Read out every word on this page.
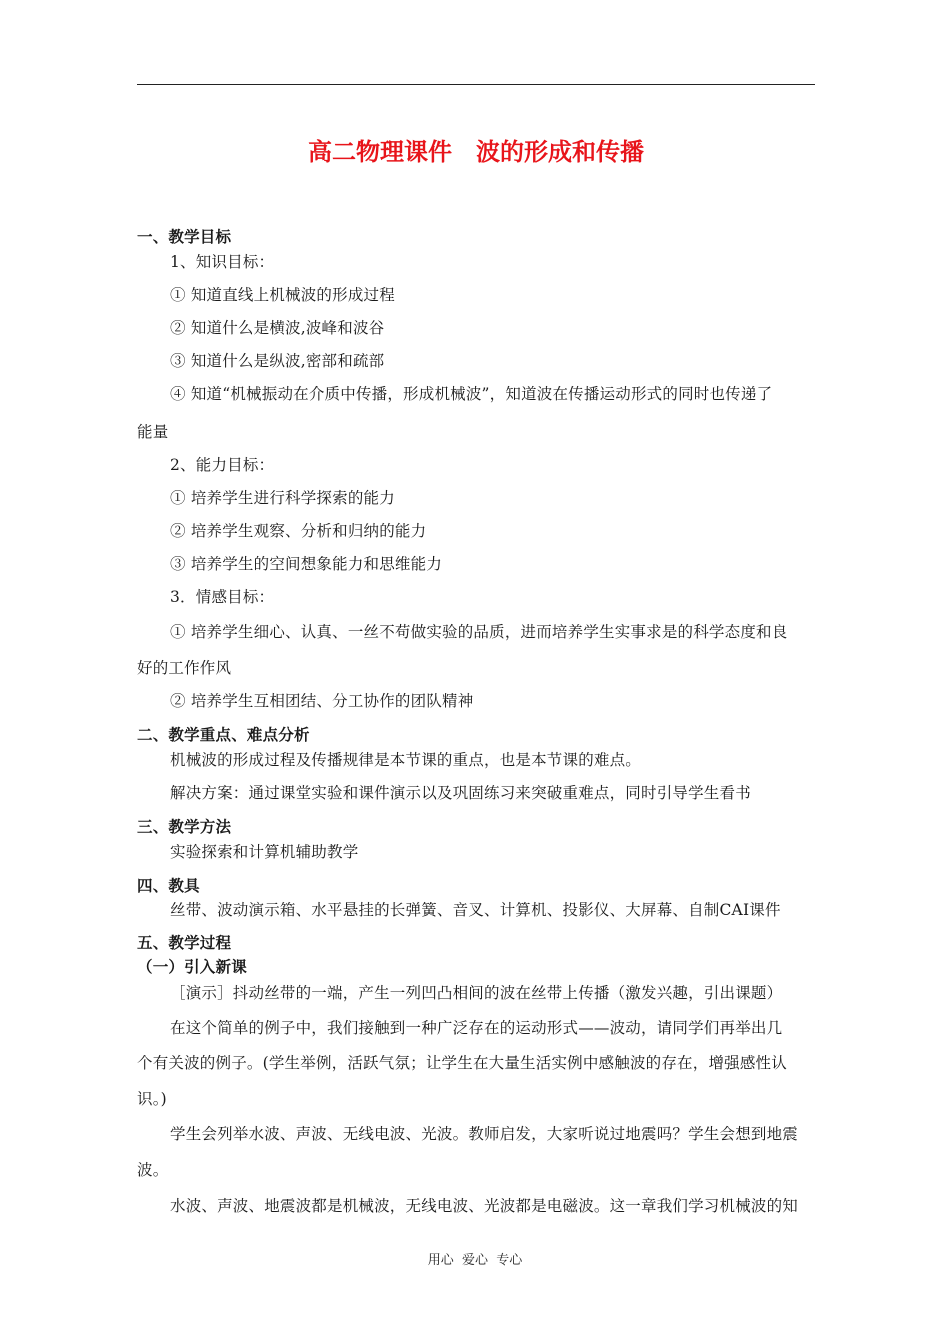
高二物理课件　波的形成和传播
一、教学目标
1、知识目标：
① 知道直线上机械波的形成过程
② 知道什么是横波,波峰和波谷
③ 知道什么是纵波,密部和疏部
④ 知道“机械振动在介质中传播，形成机械波”，知道波在传播运动形式的同时也传递了
能量
2、能力目标：
① 培养学生进行科学探索的能力
② 培养学生观察、分析和归纳的能力
③ 培养学生的空间想象能力和思维能力
3．情感目标：
① 培养学生细心、认真、一丝不苟做实验的品质，进而培养学生实事求是的科学态度和良
好的工作作风
② 培养学生互相团结、分工协作的团队精神
二、教学重点、难点分析
机械波的形成过程及传播规律是本节课的重点，也是本节课的难点。
解决方案：通过课堂实验和课件演示以及巩固练习来突破重难点，同时引导学生看书
三、教学方法
实验探索和计算机辅助教学
四、教具
丝带、波动演示箱、水平悬挂的长弹簧、音叉、计算机、投影仪、大屏幕、自制CAI课件
五、教学过程
（一）引入新课
［演示］抖动丝带的一端，产生一列凹凸相间的波在丝带上传播（激发兴趣，引出课题）
在这个简单的例子中，我们接触到一种广泛存在的运动形式——波动，请同学们再举出几
个有关波的例子。(学生举例，活跃气氛；让学生在大量生活实例中感触波的存在，增强感性认
识。)
学生会列举水波、声波、无线电波、光波。教师启发，大家听说过地震吗？学生会想到地震
波。
水波、声波、地震波都是机械波，无线电波、光波都是电磁波。这一章我们学习机械波的知
用心  爱心  专心
